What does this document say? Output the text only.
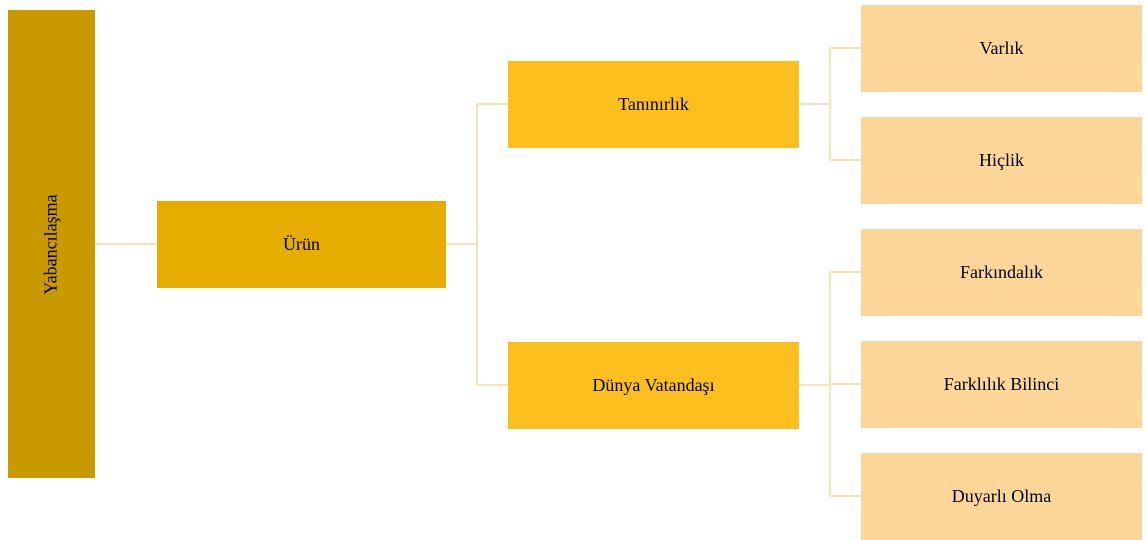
Yabancılaşma	Ürün
Tanınırlık
Dünya Vatandaşı
Varlık
Hiçlik
Farkındalık
Farklılık Bilinci
Duyarlı Olma
